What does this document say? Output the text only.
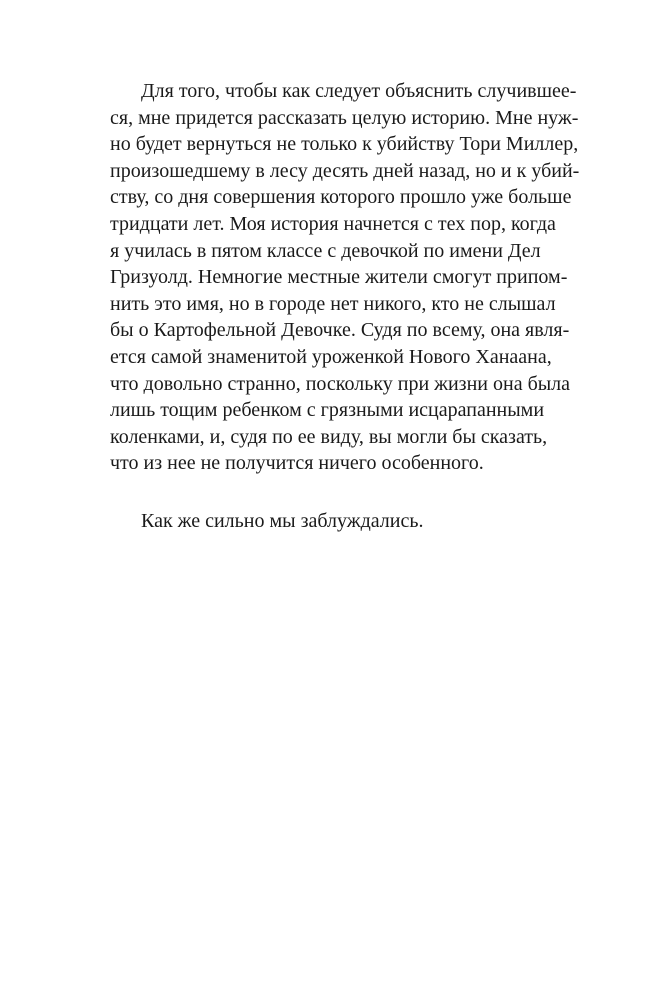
Для того, чтобы как следует объяснить случившее-
ся, мне придется рассказать целую историю. Мне нуж-
но будет вернуться не только к убийству Тори Миллер,
произошедшему в лесу десять дней назад, но и к убий-
ству, со дня совершения которого прошло уже больше
тридцати лет. Моя история начнется с тех пор, когда
я училась в пятом классе с девочкой по имени Дел
Гризуолд. Немногие местные жители смогут припом-
нить это имя, но в городе нет никого, кто не слышал
бы о Картофельной Девочке. Судя по всему, она явля-
ется самой знаменитой уроженкой Нового Ханаана,
что довольно странно, поскольку при жизни она была
лишь тощим ребенком с грязными исцарапанными
коленками, и, судя по ее виду, вы могли бы сказать,
что из нее не получится ничего особенного.
Как же сильно мы заблуждались.
